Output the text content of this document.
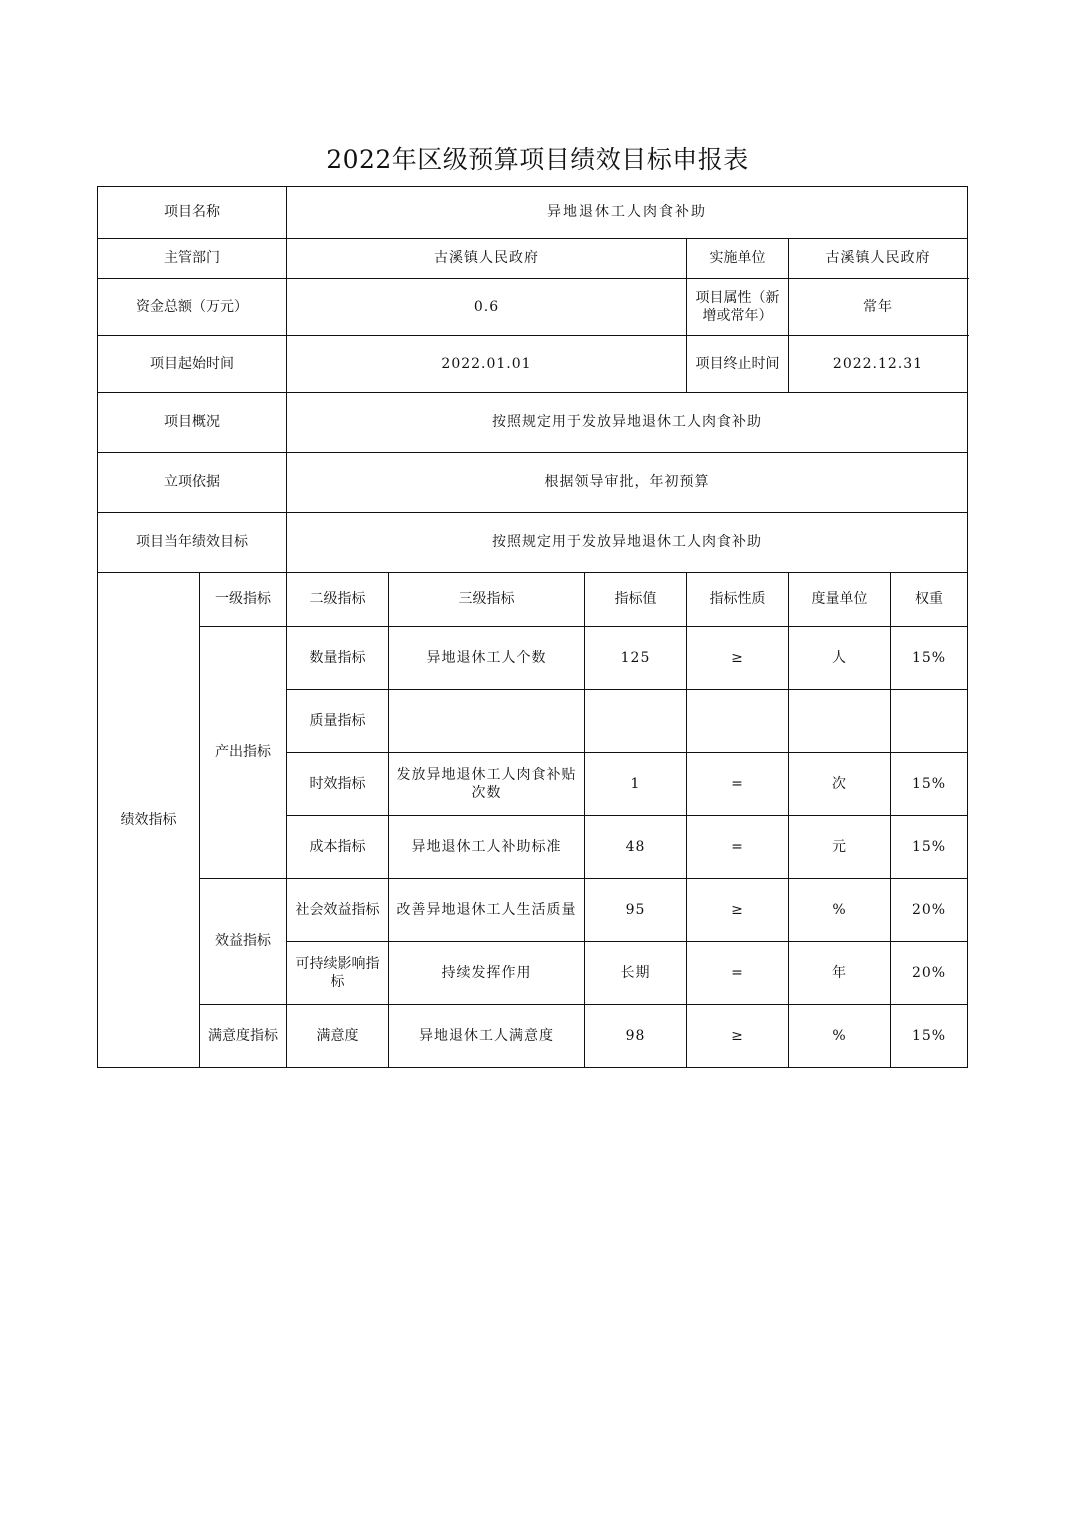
2022年区级预算项目绩效目标申报表
项目名称		异地退休工人肉食补助					
主管部门		古溪镇人民政府			实施单位	古溪镇人民政府	
资金总额（万元）		0.6			项目属性（新增或常年）	常年	
项目起始时间		2022.01.01			项目终止时间	2022.12.31	
项目概况		按照规定用于发放异地退休工人肉食补助					
立项依据		根据领导审批，年初预算					
项目当年绩效目标		按照规定用于发放异地退休工人肉食补助					
绩效指标	一级指标	二级指标	三级指标	指标值	指标性质	度量单位	权重
	产出指标	数量指标	异地退休工人个数	125	≥	人	15%
		质量指标					
		时效指标	发放异地退休工人肉食补贴次数	1	=	次	15%
		成本指标	异地退休工人补助标准	48	=	元	15%
	效益指标	社会效益指标	改善异地退休工人生活质量	95	≥	%	20%
		可持续影响指标	持续发挥作用	长期	=	年	20%
	满意度指标	满意度	异地退休工人满意度	98	≥	%	15%
